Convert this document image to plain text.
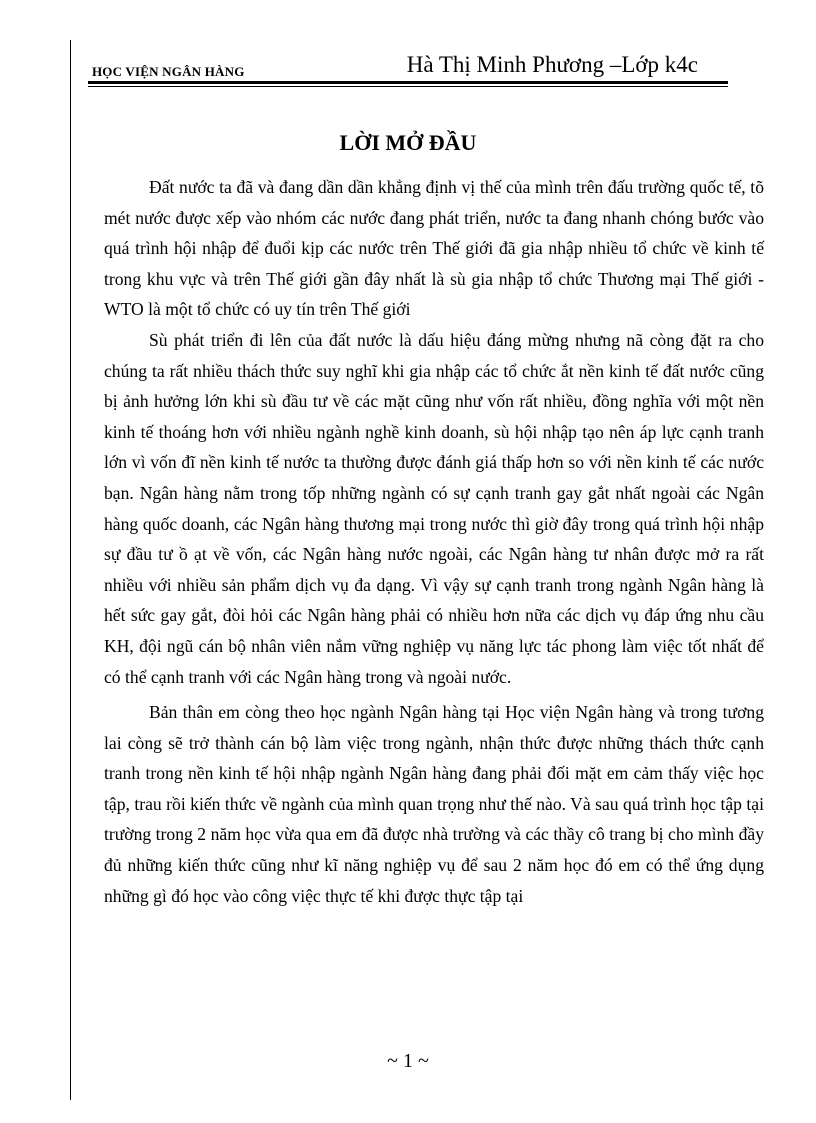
HỌC VIỆN NGÂN HÀNG	Hà Thị Minh Phương –Lớp k4c
LỜI MỞ ĐẦU

Đất nước ta đã và đang dần dần khẳng định vị thế của mình trên đấu trường quốc tế, tõ mét nước được xếp vào nhóm các nước đang phát triển, nước ta đang nhanh chóng bước vào quá trình hội nhập để đuổi kịp các nước trên Thế giới đã gia nhập nhiều tổ chức về kinh tế trong khu vực và trên Thế giới gần đây nhất là sù gia nhập tổ chức Thương mại Thế giới - WTO là một tổ chức có uy tín trên Thế giới

Sù phát triển đi lên của đất nước là dấu hiệu đáng mừng nhưng nã còng đặt ra cho chúng ta rất nhiều thách thức suy nghĩ khi gia nhập các tổ chức ắt nền kinh tế đất nước cũng bị ảnh hưởng lớn khi sù đầu tư về các mặt cũng như vốn rất nhiều, đồng nghĩa với một nền kinh tế thoáng hơn với nhiều ngành nghề kinh doanh, sù hội nhập tạo nên áp lực cạnh tranh lớn vì vốn đĩ nền kinh tế nước ta thường được đánh giá thấp hơn so với nền kinh tế các nước bạn. Ngân hàng nằm trong tốp những ngành có sự cạnh tranh gay gắt nhất ngoài các Ngân hàng quốc doanh, các Ngân hàng thương mại trong nước thì giờ đây trong quá trình hội nhập sự đầu tư ồ ạt về vốn, các Ngân hàng nước ngoài, các Ngân hàng tư nhân được mở ra rất nhiều với nhiều sản phẩm dịch vụ đa dạng. Vì vậy sự cạnh tranh trong ngành Ngân hàng là hết sức gay gắt, đòi hỏi các Ngân hàng phải có nhiều hơn nữa các dịch vụ đáp ứng nhu cầu KH, đội ngũ cán bộ nhân viên nắm vững nghiệp vụ năng lực tác phong làm việc tốt nhất để có thể cạnh tranh với các Ngân hàng trong và ngoài nước.

Bản thân em còng theo học ngành Ngân hàng tại Học viện Ngân hàng và trong tương lai còng sẽ trở thành cán bộ làm việc trong ngành, nhận thức được những thách thức cạnh tranh trong nền kinh tế hội nhập ngành Ngân hàng đang phải đối mặt em cảm thấy việc học tập, trau rồi kiến thức về ngành của mình quan trọng như thế nào. Và sau quá trình học tập tại trường trong 2 năm học vừa qua em đã được nhà trường và các thầy cô trang bị cho mình đầy đủ những kiến thức cũng như kĩ năng nghiệp vụ để sau 2 năm học đó em có thể ứng dụng những gì đó học vào công việc thực tế khi được thực tập tại

~ 1 ~
